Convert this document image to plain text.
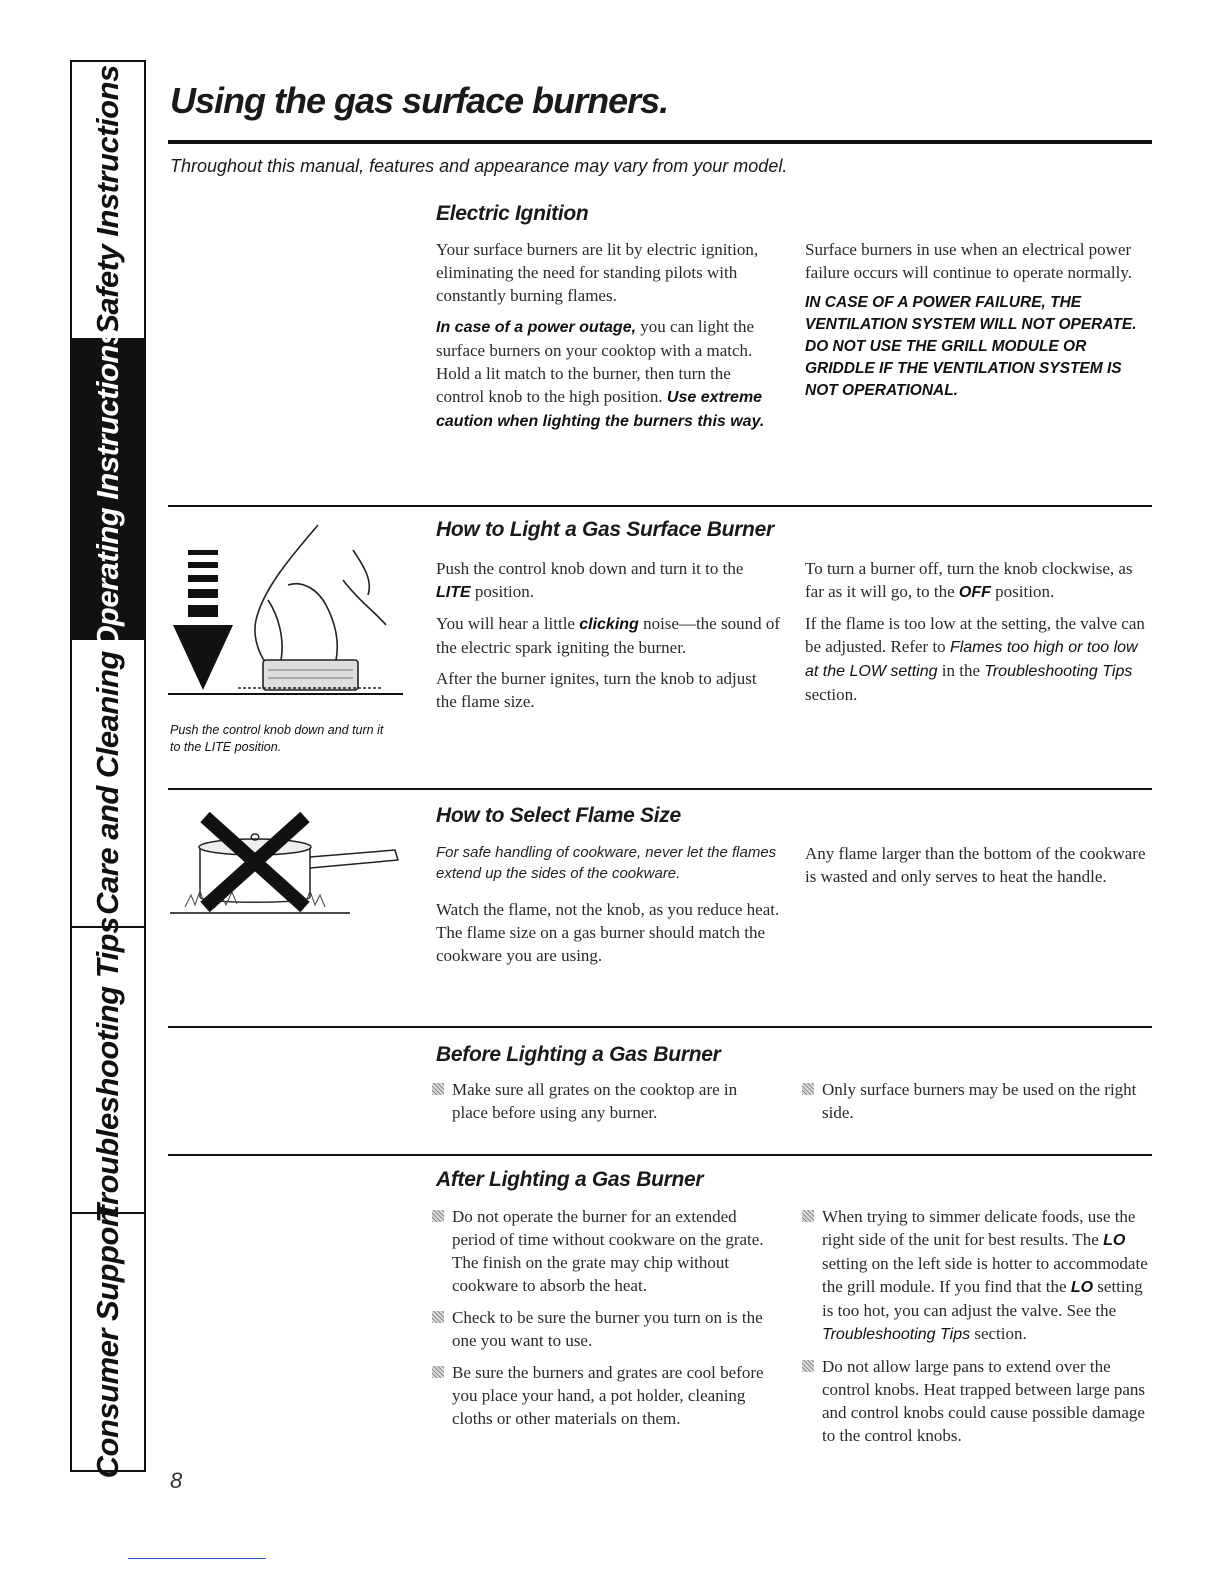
Safety Instructions
Operating Instructions
Care and Cleaning
Troubleshooting Tips
Consumer Support
Using the gas surface burners.
Throughout this manual, features and appearance may vary from your model.
Electric Ignition

Your surface burners are lit by electric ignition, eliminating the need for standing pilots with constantly burning flames.

In case of a power outage, you can light the surface burners on your cooktop with a match. Hold a lit match to the burner, then turn the control knob to the high position. Use extreme caution when lighting the burners this way.

Surface burners in use when an electrical power failure occurs will continue to operate normally.

IN CASE OF A POWER FAILURE, THE VENTILATION SYSTEM WILL NOT OPERATE. DO NOT USE THE GRILL MODULE OR GRIDDLE IF THE VENTILATION SYSTEM IS NOT OPERATIONAL.

How to Light a Gas Surface Burner
Push the control knob down and turn it to the LITE position.

Push the control knob down and turn it to the LITE position.

You will hear a little clicking noise—the sound of the electric spark igniting the burner.

After the burner ignites, turn the knob to adjust the flame size.

To turn a burner off, turn the knob clockwise, as far as it will go, to the OFF position.

If the flame is too low at the setting, the valve can be adjusted. Refer to Flames too high or too low at the LOW setting in the Troubleshooting Tips section.

How to Select Flame Size

For safe handling of cookware, never let the flames extend up the sides of the cookware.

Watch the flame, not the knob, as you reduce heat. The flame size on a gas burner should match the cookware you are using.

Any flame larger than the bottom of the cookware is wasted and only serves to heat the handle.

Before Lighting a Gas Burner
Make sure all grates on the cooktop are in place before using any burner.
Only surface burners may be used on the right side.
After Lighting a Gas Burner
Do not operate the burner for an extended period of time without cookware on the grate. The finish on the grate may chip without cookware to absorb the heat.
Check to be sure the burner you turn on is the one you want to use.
Be sure the burners and grates are cool before you place your hand, a pot holder, cleaning cloths or other materials on them.
When trying to simmer delicate foods, use the right side of the unit for best results. The LO setting on the left side is hotter to accommodate the grill module. If you find that the LO setting is too hot, you can adjust the valve. See the Troubleshooting Tips section.
Do not allow large pans to extend over the control knobs. Heat trapped between large pans and control knobs could cause possible damage to the control knobs.
8
